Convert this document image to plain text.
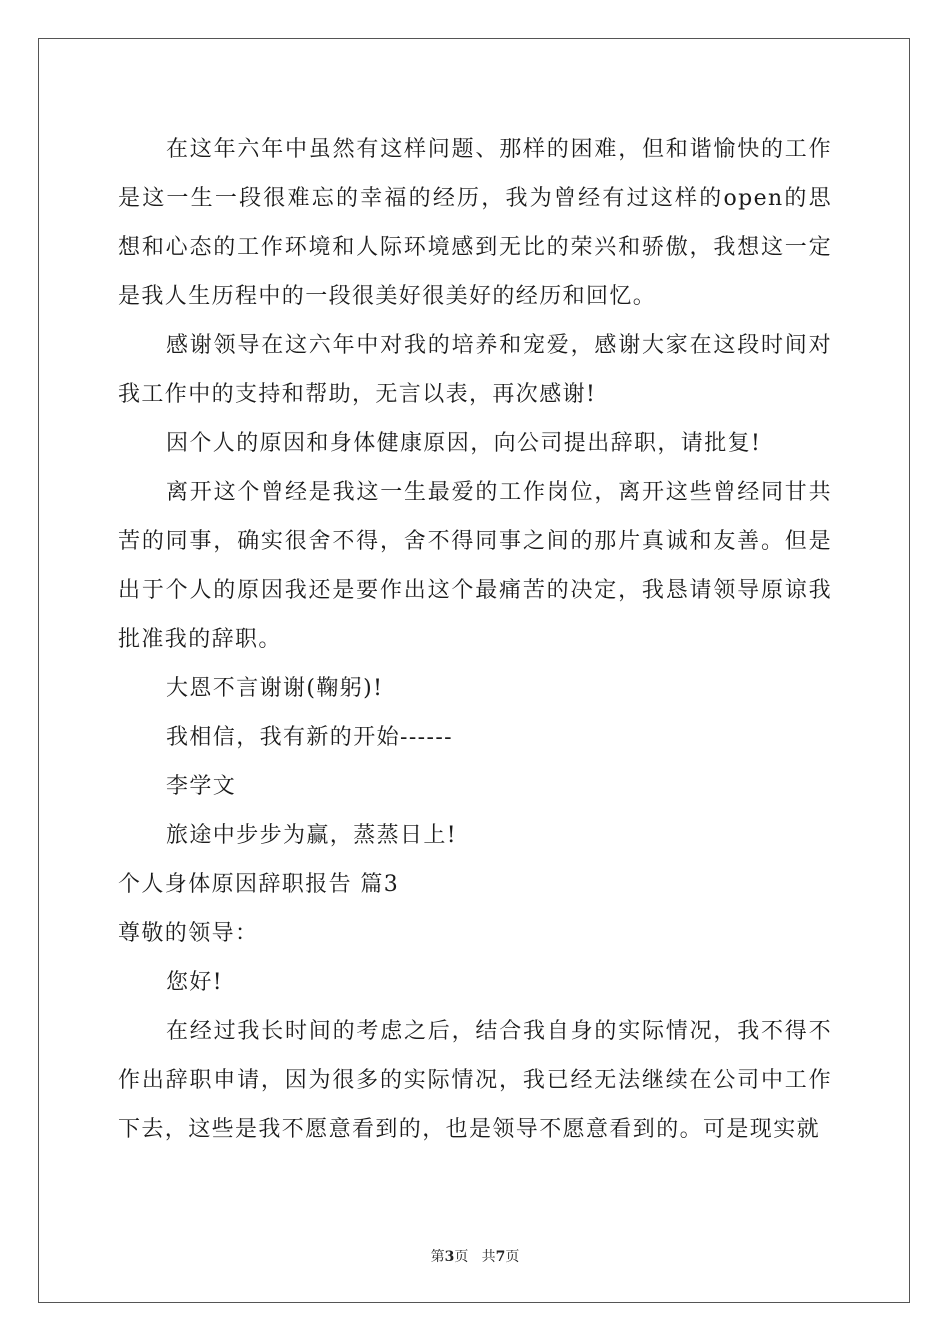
在这年六年中虽然有这样问题、那样的困难，但和谐愉快的工作是这一生一段很难忘的幸福的经历，我为曾经有过这样的open的思想和心态的工作环境和人际环境感到无比的荣兴和骄傲，我想这一定是我人生历程中的一段很美好很美好的经历和回忆。

感谢领导在这六年中对我的培养和宠爱，感谢大家在这段时间对我工作中的支持和帮助，无言以表，再次感谢!

因个人的原因和身体健康原因，向公司提出辞职，请批复!

离开这个曾经是我这一生最爱的工作岗位，离开这些曾经同甘共苦的同事，确实很舍不得，舍不得同事之间的那片真诚和友善。但是出于个人的原因我还是要作出这个最痛苦的决定，我恳请领导原谅我批准我的辞职。

大恩不言谢谢(鞠躬)!

我相信，我有新的开始------

李学文

旅途中步步为赢，蒸蒸日上!

个人身体原因辞职报告 篇3

尊敬的领导：

您好!

在经过我长时间的考虑之后，结合我自身的实际情况，我不得不作出辞职申请，因为很多的实际情况，我已经无法继续在公司中工作下去，这些是我不愿意看到的，也是领导不愿意看到的。可是现实就

第3页 共7页
